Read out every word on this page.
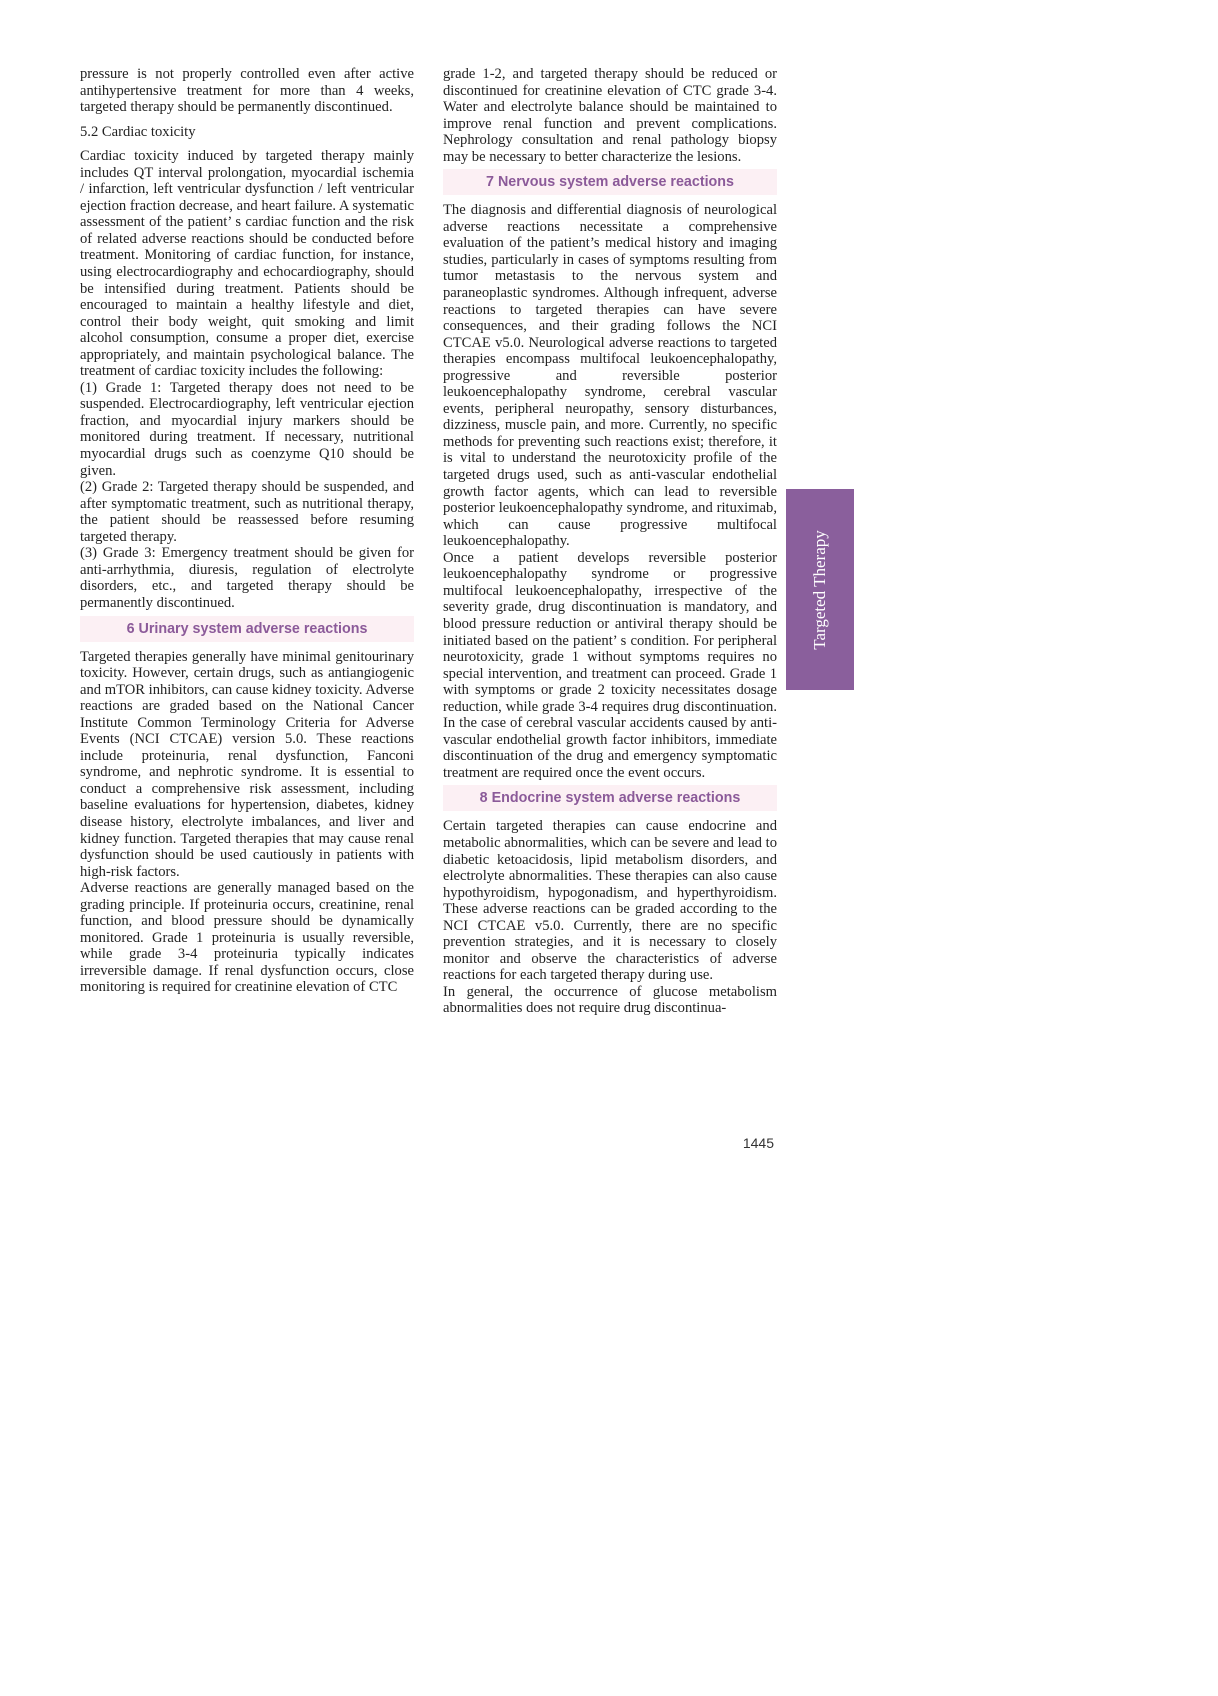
pressure is not properly controlled even after active antihypertensive treatment for more than 4 weeks, targeted therapy should be permanently discontinued.

5.2 Cardiac toxicity

Cardiac toxicity induced by targeted therapy mainly includes QT interval prolongation, myocardial ischemia / infarction, left ventricular dysfunction / left ventricular ejection fraction decrease, and heart failure. A systematic assessment of the patient’ s cardiac function and the risk of related adverse reactions should be conducted before treatment. Monitoring of cardiac function, for instance, using electrocardiography and echocardiography, should be intensified during treatment. Patients should be encouraged to maintain a healthy lifestyle and diet, control their body weight, quit smoking and limit alcohol consumption, consume a proper diet, exercise appropriately, and maintain psychological balance. The treatment of cardiac toxicity includes the following:

(1) Grade 1: Targeted therapy does not need to be suspended. Electrocardiography, left ventricular ejection fraction, and myocardial injury markers should be monitored during treatment. If necessary, nutritional myocardial drugs such as coenzyme Q10 should be given.

(2) Grade 2: Targeted therapy should be suspended, and after symptomatic treatment, such as nutritional therapy, the patient should be reassessed before resuming targeted therapy.

(3) Grade 3: Emergency treatment should be given for anti-arrhythmia, diuresis, regulation of electrolyte disorders, etc., and targeted therapy should be permanently discontinued.

6 Urinary system adverse reactions

Targeted therapies generally have minimal genitourinary toxicity. However, certain drugs, such as antiangiogenic and mTOR inhibitors, can cause kidney toxicity. Adverse reactions are graded based on the National Cancer Institute Common Terminology Criteria for Adverse Events (NCI CTCAE) version 5.0. These reactions include proteinuria, renal dysfunction, Fanconi syndrome, and nephrotic syndrome. It is essential to conduct a comprehensive risk assessment, including baseline evaluations for hypertension, diabetes, kidney disease history, electrolyte imbalances, and liver and kidney function. Targeted therapies that may cause renal dysfunction should be used cautiously in patients with high-risk factors.

Adverse reactions are generally managed based on the grading principle. If proteinuria occurs, creatinine, renal function, and blood pressure should be dynamically monitored. Grade 1 proteinuria is usually reversible, while grade 3-4 proteinuria typically indicates irreversible damage. If renal dysfunction occurs, close monitoring is required for creatinine elevation of CTC

grade 1-2, and targeted therapy should be reduced or discontinued for creatinine elevation of CTC grade 3-4. Water and electrolyte balance should be maintained to improve renal function and prevent complications. Nephrology consultation and renal pathology biopsy may be necessary to better characterize the lesions.

7 Nervous system adverse reactions

The diagnosis and differential diagnosis of neurological adverse reactions necessitate a comprehensive evaluation of the patient’s medical history and imaging studies, particularly in cases of symptoms resulting from tumor metastasis to the nervous system and paraneoplastic syndromes. Although infrequent, adverse reactions to targeted therapies can have severe consequences, and their grading follows the NCI CTCAE v5.0. Neurological adverse reactions to targeted therapies encompass multifocal leukoencephalopathy, progressive and reversible posterior leukoencephalopathy syndrome, cerebral vascular events, peripheral neuropathy, sensory disturbances, dizziness, muscle pain, and more. Currently, no specific methods for preventing such reactions exist; therefore, it is vital to understand the neurotoxicity profile of the targeted drugs used, such as anti-vascular endothelial growth factor agents, which can lead to reversible posterior leukoencephalopathy syndrome, and rituximab, which can cause progressive multifocal leukoencephalopathy.

Once a patient develops reversible posterior leukoencephalopathy syndrome or progressive multifocal leukoencephalopathy, irrespective of the severity grade, drug discontinuation is mandatory, and blood pressure reduction or antiviral therapy should be initiated based on the patient’ s condition. For peripheral neurotoxicity, grade 1 without symptoms requires no special intervention, and treatment can proceed. Grade 1 with symptoms or grade 2 toxicity necessitates dosage reduction, while grade 3-4 requires drug discontinuation. In the case of cerebral vascular accidents caused by anti-vascular endothelial growth factor inhibitors, immediate discontinuation of the drug and emergency symptomatic treatment are required once the event occurs.

8 Endocrine system adverse reactions

Certain targeted therapies can cause endocrine and metabolic abnormalities, which can be severe and lead to diabetic ketoacidosis, lipid metabolism disorders, and electrolyte abnormalities. These therapies can also cause hypothyroidism, hypogonadism, and hyperthyroidism. These adverse reactions can be graded according to the NCI CTCAE v5.0. Currently, there are no specific prevention strategies, and it is necessary to closely monitor and observe the characteristics of adverse reactions for each targeted therapy during use.

In general, the occurrence of glucose metabolism abnormalities does not require drug discontinua-

Targeted Therapy
1445
